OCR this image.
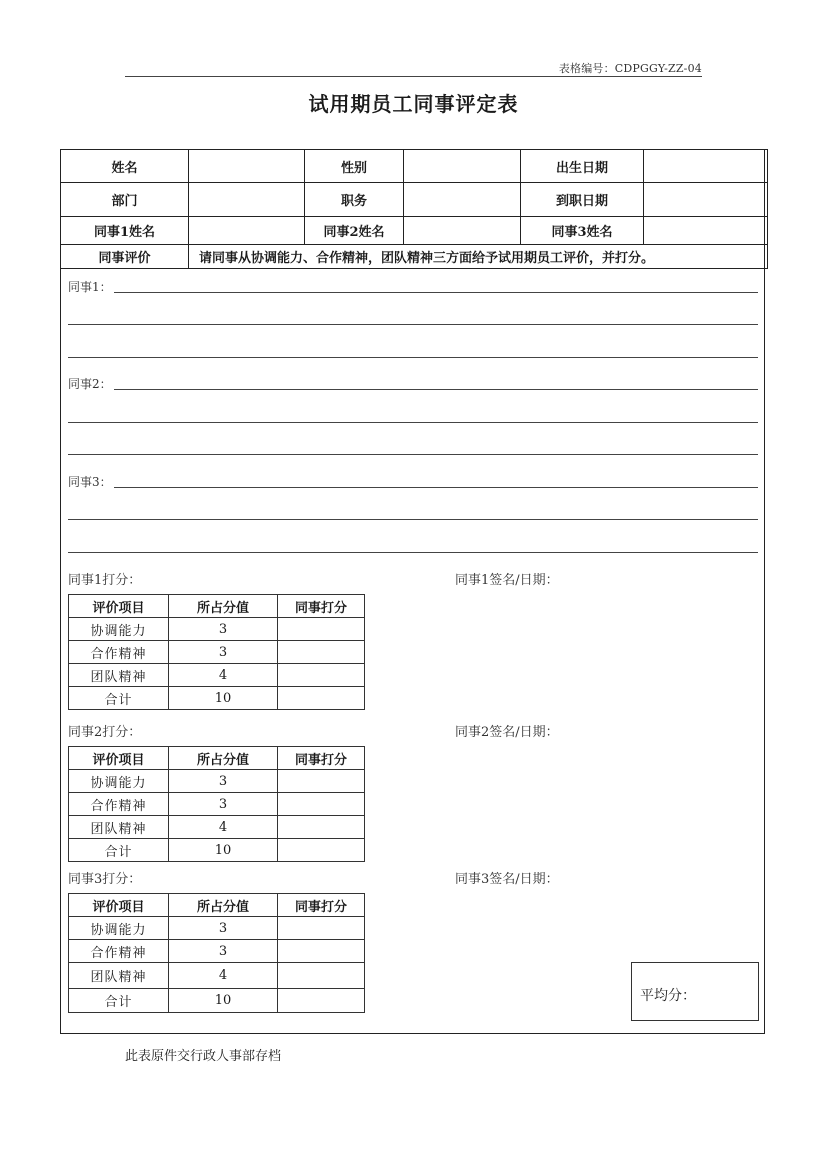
表格编号：CDPGGY-ZZ-04
试用期员工同事评定表
姓名		性别		出生日期	
部门		职务		到职日期	
同事1姓名		同事2姓名		同事3姓名	
同事评价	请同事从协调能力、合作精神，团队精神三方面给予试用期员工评价，并打分。				
同事1：
同事2：
同事3：
同事1打分：	同事1签名/日期：
评价项目	所占分值	同事打分
协调能力	3	
合作精神	3	
团队精神	4	
合计	10	
同事2打分：	同事2签名/日期：
评价项目	所占分值	同事打分
协调能力	3	
合作精神	3	
团队精神	4	
合计	10	
同事3打分：	同事3签名/日期：
评价项目	所占分值	同事打分
协调能力	3	
合作精神	3	
团队精神	4	
合计	10		平均分：
此表原件交行政人事部存档
